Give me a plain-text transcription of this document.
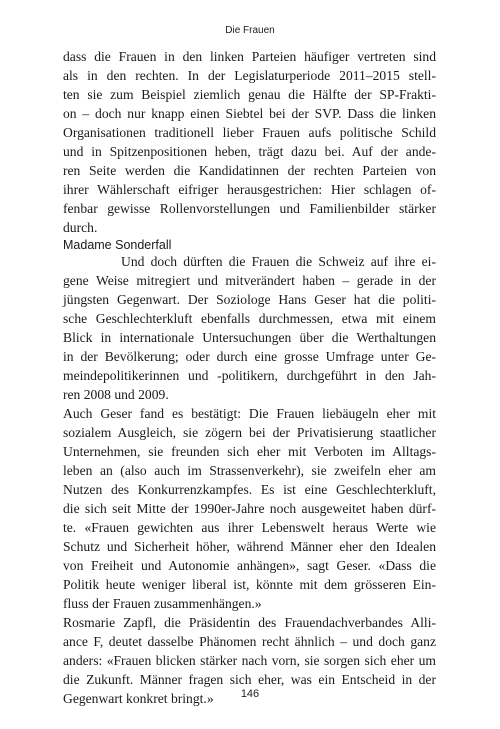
Die Frauen
dass die Frauen in den linken Parteien häufiger vertreten sind
als in den rechten. In der Legislaturperiode 2011–2015 stell-
ten sie zum Beispiel ziemlich genau die Hälfte der SP-Frakti-
on – doch nur knapp einen Siebtel bei der SVP. Dass die linken
Organisationen traditionell lieber Frauen aufs politische Schild
und in Spitzenpositionen heben, trägt dazu bei. Auf der ande-
ren Seite werden die Kandidatinnen der rechten Parteien von
ihrer Wählerschaft eifriger herausgestrichen: Hier schlagen of-
fenbar gewisse Rollenvorstellungen und Familienbilder stärker
durch.
Madame Sonderfall
Und doch dürften die Frauen die Schweiz auf ihre ei-
gene Weise mitregiert und mitverändert haben – gerade in der
jüngsten Gegenwart. Der Soziologe Hans Geser hat die politi-
sche Geschlechterkluft ebenfalls durchmessen, etwa mit einem
Blick in internationale Untersuchungen über die Werthaltungen
in der Bevölkerung; oder durch eine grosse Umfrage unter Ge-
meindepolitikerinnen und -politikern, durchgeführt in den Jah-
ren 2008 und 2009.
Auch Geser fand es bestätigt: Die Frauen liebäugeln eher mit
sozialem Ausgleich, sie zögern bei der Privatisierung staatlicher
Unternehmen, sie freunden sich eher mit Verboten im Alltags-
leben an (also auch im Strassenverkehr), sie zweifeln eher am
Nutzen des Konkurrenzkampfes. Es ist eine Geschlechterkluft,
die sich seit Mitte der 1990er-Jahre noch ausgeweitet haben dürf-
te. «Frauen gewichten aus ihrer Lebenswelt heraus Werte wie
Schutz und Sicherheit höher, während Männer eher den Idealen
von Freiheit und Autonomie anhängen», sagt Geser. «Dass die
Politik heute weniger liberal ist, könnte mit dem grösseren Ein-
fluss der Frauen zusammenhängen.»
Rosmarie Zapfl, die Präsidentin des Frauendachverbandes Alli-
ance F, deutet dasselbe Phänomen recht ähnlich – und doch ganz
anders: «Frauen blicken stärker nach vorn, sie sorgen sich eher um
die Zukunft. Männer fragen sich eher, was ein Entscheid in der
Gegenwart konkret bringt.»	146
